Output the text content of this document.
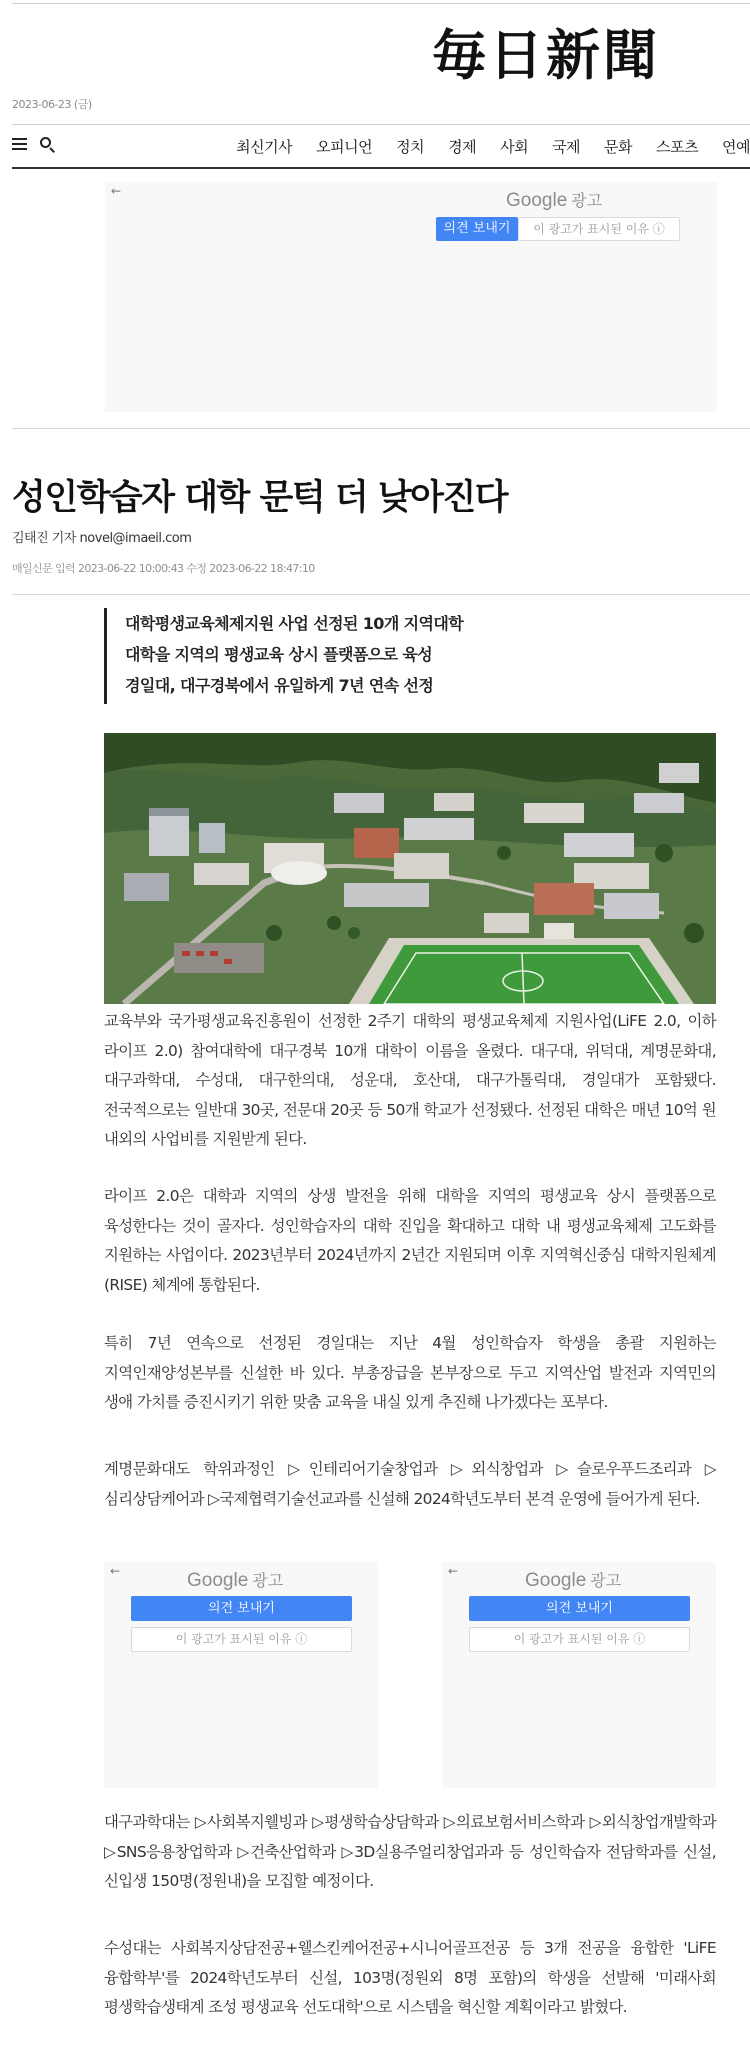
毎日新聞
2023-06-23 (금)
최신기사 오피니언 정치 경제 사회 국제 문화 스포츠 연예
←	Google 광고
의견 보내기	이 광고가 표시된 이유 ⓘ
성인학습자 대학 문턱 더 낮아진다
김태진 기자 novel@imaeil.com
매일신문 입력 2023-06-22 10:00:43 수정 2023-06-22 18:47:10

대학평생교육체제지원 사업 선정된 10개 지역대학

대학을 지역의 평생교육 상시 플랫폼으로 육성

경일대, 대구경북에서 유일하게 7년 연속 선정

교육부와 국가평생교육진흥원이 선정한 2주기 대학의 평생교육체제 지원사업(LiFE 2.0, 이하 라이프 2.0) 참여대학에 대구경북 10개 대학이 이름을 올렸다. 대구대, 위덕대, 계명문화대, 대구과학대, 수성대, 대구한의대, 성운대, 호산대, 대구가톨릭대, 경일대가 포함됐다. 전국적으로는 일반대 30곳, 전문대 20곳 등 50개 학교가 선정됐다. 선정된 대학은 매년 10억 원 내외의 사업비를 지원받게 된다.

라이프 2.0은 대학과 지역의 상생 발전을 위해 대학을 지역의 평생교육 상시 플랫폼으로 육성한다는 것이 골자다. 성인학습자의 대학 진입을 확대하고 대학 내 평생교육체제 고도화를 지원하는 사업이다. 2023년부터 2024년까지 2년간 지원되며 이후 지역혁신중심 대학지원체계(RISE) 체계에 통합된다.

특히 7년 연속으로 선정된 경일대는 지난 4월 성인학습자 학생을 총괄 지원하는 지역인재양성본부를 신설한 바 있다. 부총장급을 본부장으로 두고 지역산업 발전과 지역민의 생애 가치를 증진시키기 위한 맞춤 교육을 내실 있게 추진해 나가겠다는 포부다.

계명문화대도 학위과정인 ▷인테리어기술창업과 ▷외식창업과 ▷슬로우푸드조리과 ▷심리상담케어과 ▷국제협력기술선교과를 신설해 2024학년도부터 본격 운영에 들어가게 된다.

←	Google 광고
의견 보내기
이 광고가 표시된 이유 ⓘ
←	Google 광고
의견 보내기
이 광고가 표시된 이유 ⓘ

대구과학대는 ▷사회복지웰빙과 ▷평생학습상담학과 ▷의료보험서비스학과 ▷외식창업개발학과 ▷SNS응용창업학과 ▷건축산업학과 ▷3D실용주얼리창업과과 등 성인학습자 전담학과를 신설, 신입생 150명(정원내)을 모집할 예정이다.

수성대는 사회복지상담전공+웰스킨케어전공+시니어골프전공 등 3개 전공을 융합한 'LiFE 융합학부'를 2024학년도부터 신설, 103명(정원외 8명 포함)의 학생을 선발해 '미래사회 평생학습생태계 조성 평생교육 선도대학'으로 시스템을 혁신할 계획이라고 밝혔다.
